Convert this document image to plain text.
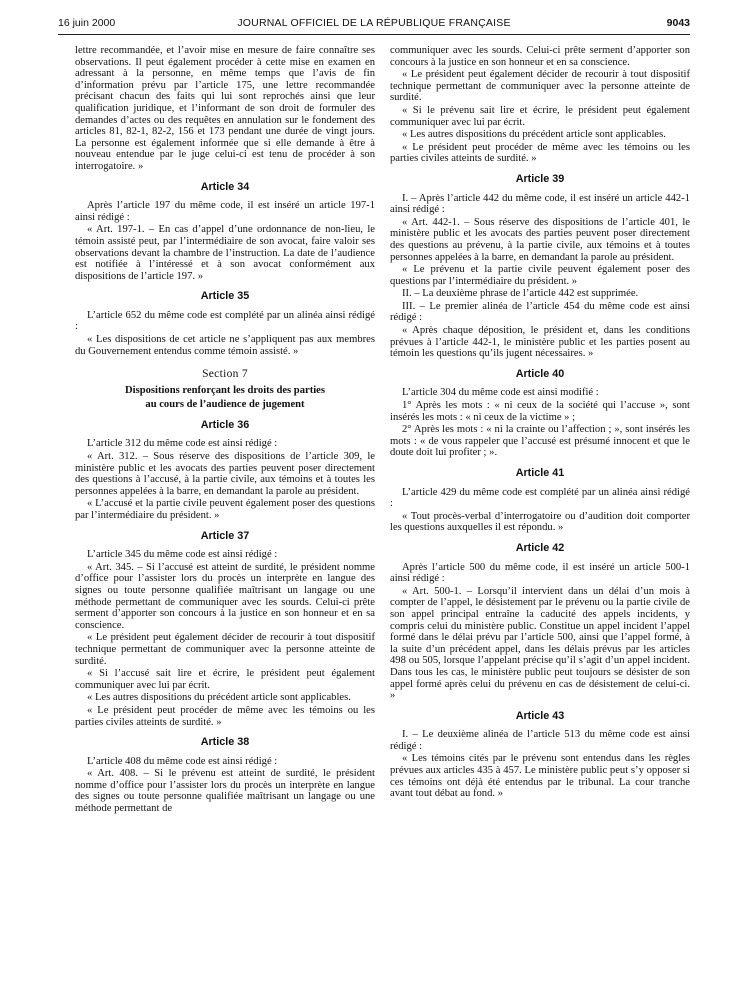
16 juin 2000	JOURNAL OFFICIEL DE LA RÉPUBLIQUE FRANÇAISE	9043

lettre recommandée, et l’avoir mise en mesure de faire connaître ses observations. Il peut également procéder à cette mise en examen en adressant à la personne, en même temps que l’avis de fin d’information prévu par l’article 175, une lettre recommandée précisant chacun des faits qui lui sont reprochés ainsi que leur qualification juridique, et l’informant de son droit de formuler des demandes d’actes ou des requêtes en annulation sur le fondement des articles 81, 82-1, 82-2, 156 et 173 pendant une durée de vingt jours. La personne est également informée que si elle demande à être à nouveau entendue par le juge celui-ci est tenu de procéder à son interrogatoire. »

Article 34

Après l’article 197 du même code, il est inséré un article 197-1 ainsi rédigé :

« Art. 197-1. – En cas d’appel d’une ordonnance de non-lieu, le témoin assisté peut, par l’intermédiaire de son avocat, faire valoir ses observations devant la chambre de l’instruction. La date de l’audience est notifiée à l’intéressé et à son avocat conformément aux dispositions de l’article 197. »

Article 35

L’article 652 du même code est complété par un alinéa ainsi rédigé :

« Les dispositions de cet article ne s’appliquent pas aux membres du Gouvernement entendus comme témoin assisté. »

Section 7
Dispositions renforçant les droits des parties
au cours de l’audience de jugement
Article 36

L’article 312 du même code est ainsi rédigé :

« Art. 312. – Sous réserve des dispositions de l’article 309, le ministère public et les avocats des parties peuvent poser directement des questions à l’accusé, à la partie civile, aux témoins et à toutes les personnes appelées à la barre, en demandant la parole au président.

« L’accusé et la partie civile peuvent également poser des questions par l’intermédiaire du président. »

Article 37

L’article 345 du même code est ainsi rédigé :

« Art. 345. – Si l’accusé est atteint de surdité, le président nomme d’office pour l’assister lors du procès un interprète en langue des signes ou toute personne qualifiée maîtrisant un langage ou une méthode permettant de communiquer avec les sourds. Celui-ci prête serment d’apporter son concours à la justice en son honneur et en sa conscience.

« Le président peut également décider de recourir à tout dispositif technique permettant de communiquer avec la personne atteinte de surdité.

« Si l’accusé sait lire et écrire, le président peut également communiquer avec lui par écrit.

« Les autres dispositions du précédent article sont applicables.

« Le président peut procéder de même avec les témoins ou les parties civiles atteints de surdité. »

Article 38

L’article 408 du même code est ainsi rédigé :

« Art. 408. – Si le prévenu est atteint de surdité, le président nomme d’office pour l’assister lors du procès un interprète en langue des signes ou toute personne qualifiée maîtrisant un langage ou une méthode permettant de

communiquer avec les sourds. Celui-ci prête serment d’apporter son concours à la justice en son honneur et en sa conscience.

« Le président peut également décider de recourir à tout dispositif technique permettant de communiquer avec la personne atteinte de surdité.

« Si le prévenu sait lire et écrire, le président peut également communiquer avec lui par écrit.

« Les autres dispositions du précédent article sont applicables.

« Le président peut procéder de même avec les témoins ou les parties civiles atteints de surdité. »

Article 39

I. – Après l’article 442 du même code, il est inséré un article 442-1 ainsi rédigé :

« Art. 442-1. – Sous réserve des dispositions de l’article 401, le ministère public et les avocats des parties peuvent poser directement des questions au prévenu, à la partie civile, aux témoins et à toutes personnes appelées à la barre, en demandant la parole au président.

« Le prévenu et la partie civile peuvent également poser des questions par l’intermédiaire du président. »

II. – La deuxième phrase de l’article 442 est supprimée.

III. – Le premier alinéa de l’article 454 du même code est ainsi rédigé :

« Après chaque déposition, le président et, dans les conditions prévues à l’article 442-1, le ministère public et les parties posent au témoin les questions qu’ils jugent nécessaires. »

Article 40

L’article 304 du même code est ainsi modifié :

1° Après les mots : « ni ceux de la société qui l’accuse », sont insérés les mots : « ni ceux de la victime » ;

2° Après les mots : « ni la crainte ou l’affection ; », sont insérés les mots : « de vous rappeler que l’accusé est présumé innocent et que le doute doit lui profiter ; ».

Article 41

L’article 429 du même code est complété par un alinéa ainsi rédigé :

« Tout procès-verbal d’interrogatoire ou d’audition doit comporter les questions auxquelles il est répondu. »

Article 42

Après l’article 500 du même code, il est inséré un article 500-1 ainsi rédigé :

« Art. 500-1. – Lorsqu’il intervient dans un délai d’un mois à compter de l’appel, le désistement par le prévenu ou la partie civile de son appel principal entraîne la caducité des appels incidents, y compris celui du ministère public. Constitue un appel incident l’appel formé dans le délai prévu par l’article 500, ainsi que l’appel formé, à la suite d’un précédent appel, dans les délais prévus par les articles 498 ou 505, lorsque l’appelant précise qu’il s’agit d’un appel incident. Dans tous les cas, le ministère public peut toujours se désister de son appel formé après celui du prévenu en cas de désistement de celui-ci. »

Article 43

I. – Le deuxième alinéa de l’article 513 du même code est ainsi rédigé :

« Les témoins cités par le prévenu sont entendus dans les règles prévues aux articles 435 à 457. Le ministère public peut s’y opposer si ces témoins ont déjà été entendus par le tribunal. La cour tranche avant tout débat au fond. »
